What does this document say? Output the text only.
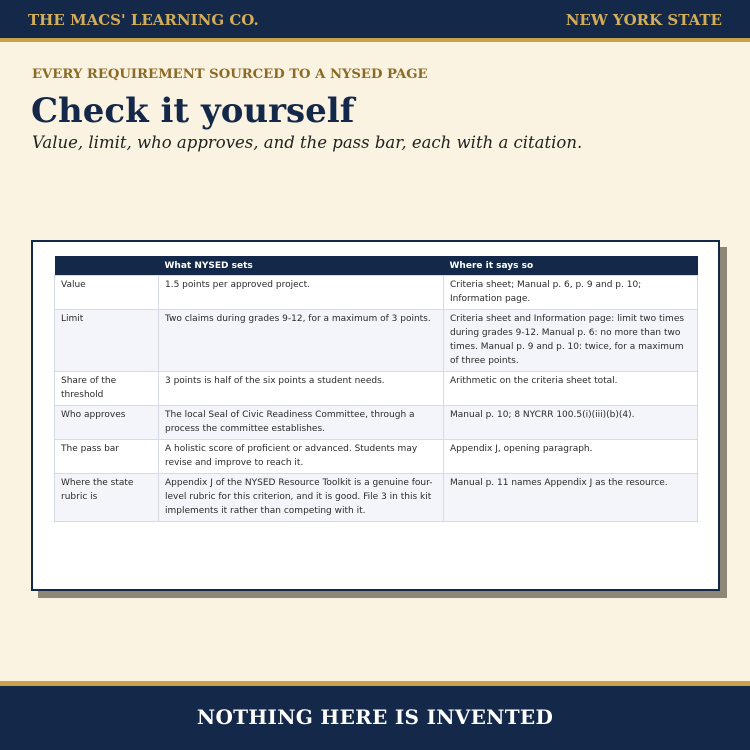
THE MACS' LEARNING CO.	NEW YORK STATE
EVERY REQUIREMENT SOURCED TO A NYSED PAGE
Check it yourself
Value, limit, who approves, and the pass bar, each with a citation.
	What NYSED sets	Where it says so
Value	1.5 points per approved project.	Criteria sheet; Manual p. 6, p. 9 and p. 10; Information page.
Limit	Two claims during grades 9-12, for a maximum of 3 points.	Criteria sheet and Information page: limit two times during grades 9-12. Manual p. 6: no more than two times. Manual p. 9 and p. 10: twice, for a maximum of three points.
Share of the threshold	3 points is half of the six points a student needs.	Arithmetic on the criteria sheet total.
Who approves	The local Seal of Civic Readiness Committee, through a process the committee establishes.	Manual p. 10; 8 NYCRR 100.5(i)(iii)(b)(4).
The pass bar	A holistic score of proficient or advanced. Students may revise and improve to reach it.	Appendix J, opening paragraph.
Where the state rubric is	Appendix J of the NYSED Resource Toolkit is a genuine four-level rubric for this criterion, and it is good. File 3 in this kit implements it rather than competing with it.	Manual p. 11 names Appendix J as the resource.
NOTHING HERE IS INVENTED
